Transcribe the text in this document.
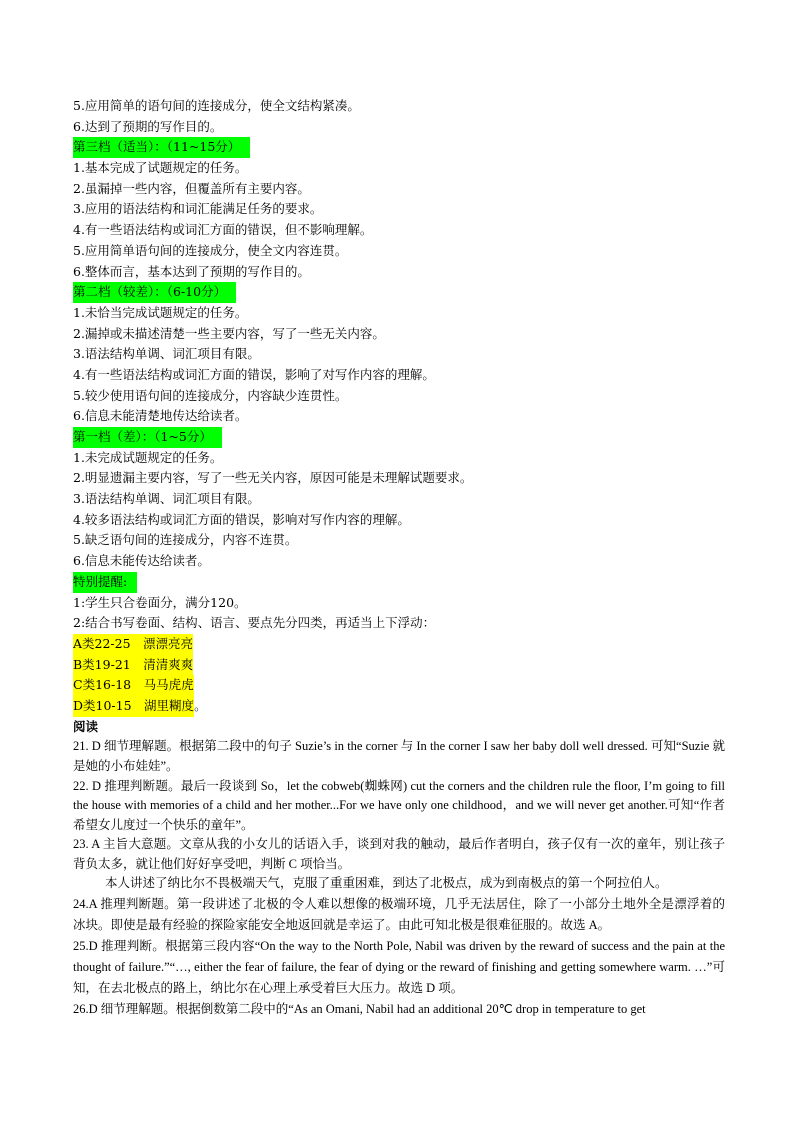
5.应用简单的语句间的连接成分，使全文结构紧凑。
6.达到了预期的写作目的。
第三档（适当）：（11~15分）
1.基本完成了试题规定的任务。
2.虽漏掉一些内容，但覆盖所有主要内容。
3.应用的语法结构和词汇能满足任务的要求。
4.有一些语法结构或词汇方面的错误，但不影响理解。
5.应用简单语句间的连接成分，使全文内容连贯。
6.整体而言，基本达到了预期的写作目的。
第二档（较差）：（6-10分）
1.未恰当完成试题规定的任务。
2.漏掉或未描述清楚一些主要内容，写了一些无关内容。
3.语法结构单调、词汇项目有限。
4.有一些语法结构或词汇方面的错误，影响了对写作内容的理解。
5.较少使用语句间的连接成分，内容缺少连贯性。
6.信息未能清楚地传达给读者。
第一档（差）：（1~5分）
1.未完成试题规定的任务。
2.明显遗漏主要内容，写了一些无关内容，原因可能是未理解试题要求。
3.语法结构单调、词汇项目有限。
4.较多语法结构或词汇方面的错误，影响对写作内容的理解。
5.缺乏语句间的连接成分，内容不连贯。
6.信息未能传达给读者。
特别提醒:
1:学生只合卷面分，满分120。
2:结合书写卷面、结构、语言、要点先分四类，再适当上下浮动：
A类22-25　漂漂亮亮
B类19-21　清清爽爽
C类16-18　马马虎虎
D类10-15　湖里糊度。
阅读
21. D 细节理解题。根据第二段中的句子 Suzie’s in the corner 与 In the corner I saw her baby doll well dressed. 可知“Suzie 就是她的小布娃娃”。
22. D 推理判断题。最后一段谈到 So，let the cobweb(蜘蛛网) cut the corners and the children rule the floor, I’m going to fill the house with memories of a child and her mother...For we have only one childhood，and we will never get another.可知“作者希望女儿度过一个快乐的童年”。
23. A 主旨大意题。文章从我的小女儿的话语入手，谈到对我的触动，最后作者明白，孩子仅有一次的童年，别让孩子背负太多，就让他们好好享受吧，判断 C 项恰当。
本人讲述了纳比尔不畏极端天气，克服了重重困难，到达了北极点，成为到南极点的第一个阿拉伯人。
24.A 推理判断题。第一段讲述了北极的令人难以想像的极端环境，几乎无法居住，除了一小部分土地外全是漂浮着的冰块。即使是最有经验的探险家能安全地返回就是幸运了。由此可知北极是很难征服的。故选 A。
25.D 推理判断。根据第三段内容“On the way to the North Pole, Nabil was driven by the reward of success and the pain at the thought of failure.”“…, either the fear of failure, the fear of dying or the reward of finishing and getting somewhere warm. …”可知，在去北极点的路上，纳比尔在心理上承受着巨大压力。故选 D 项。
26.D 细节理解题。根据倒数第二段中的“As an Omani, Nabil had an additional 20℃ drop in temperature to get
